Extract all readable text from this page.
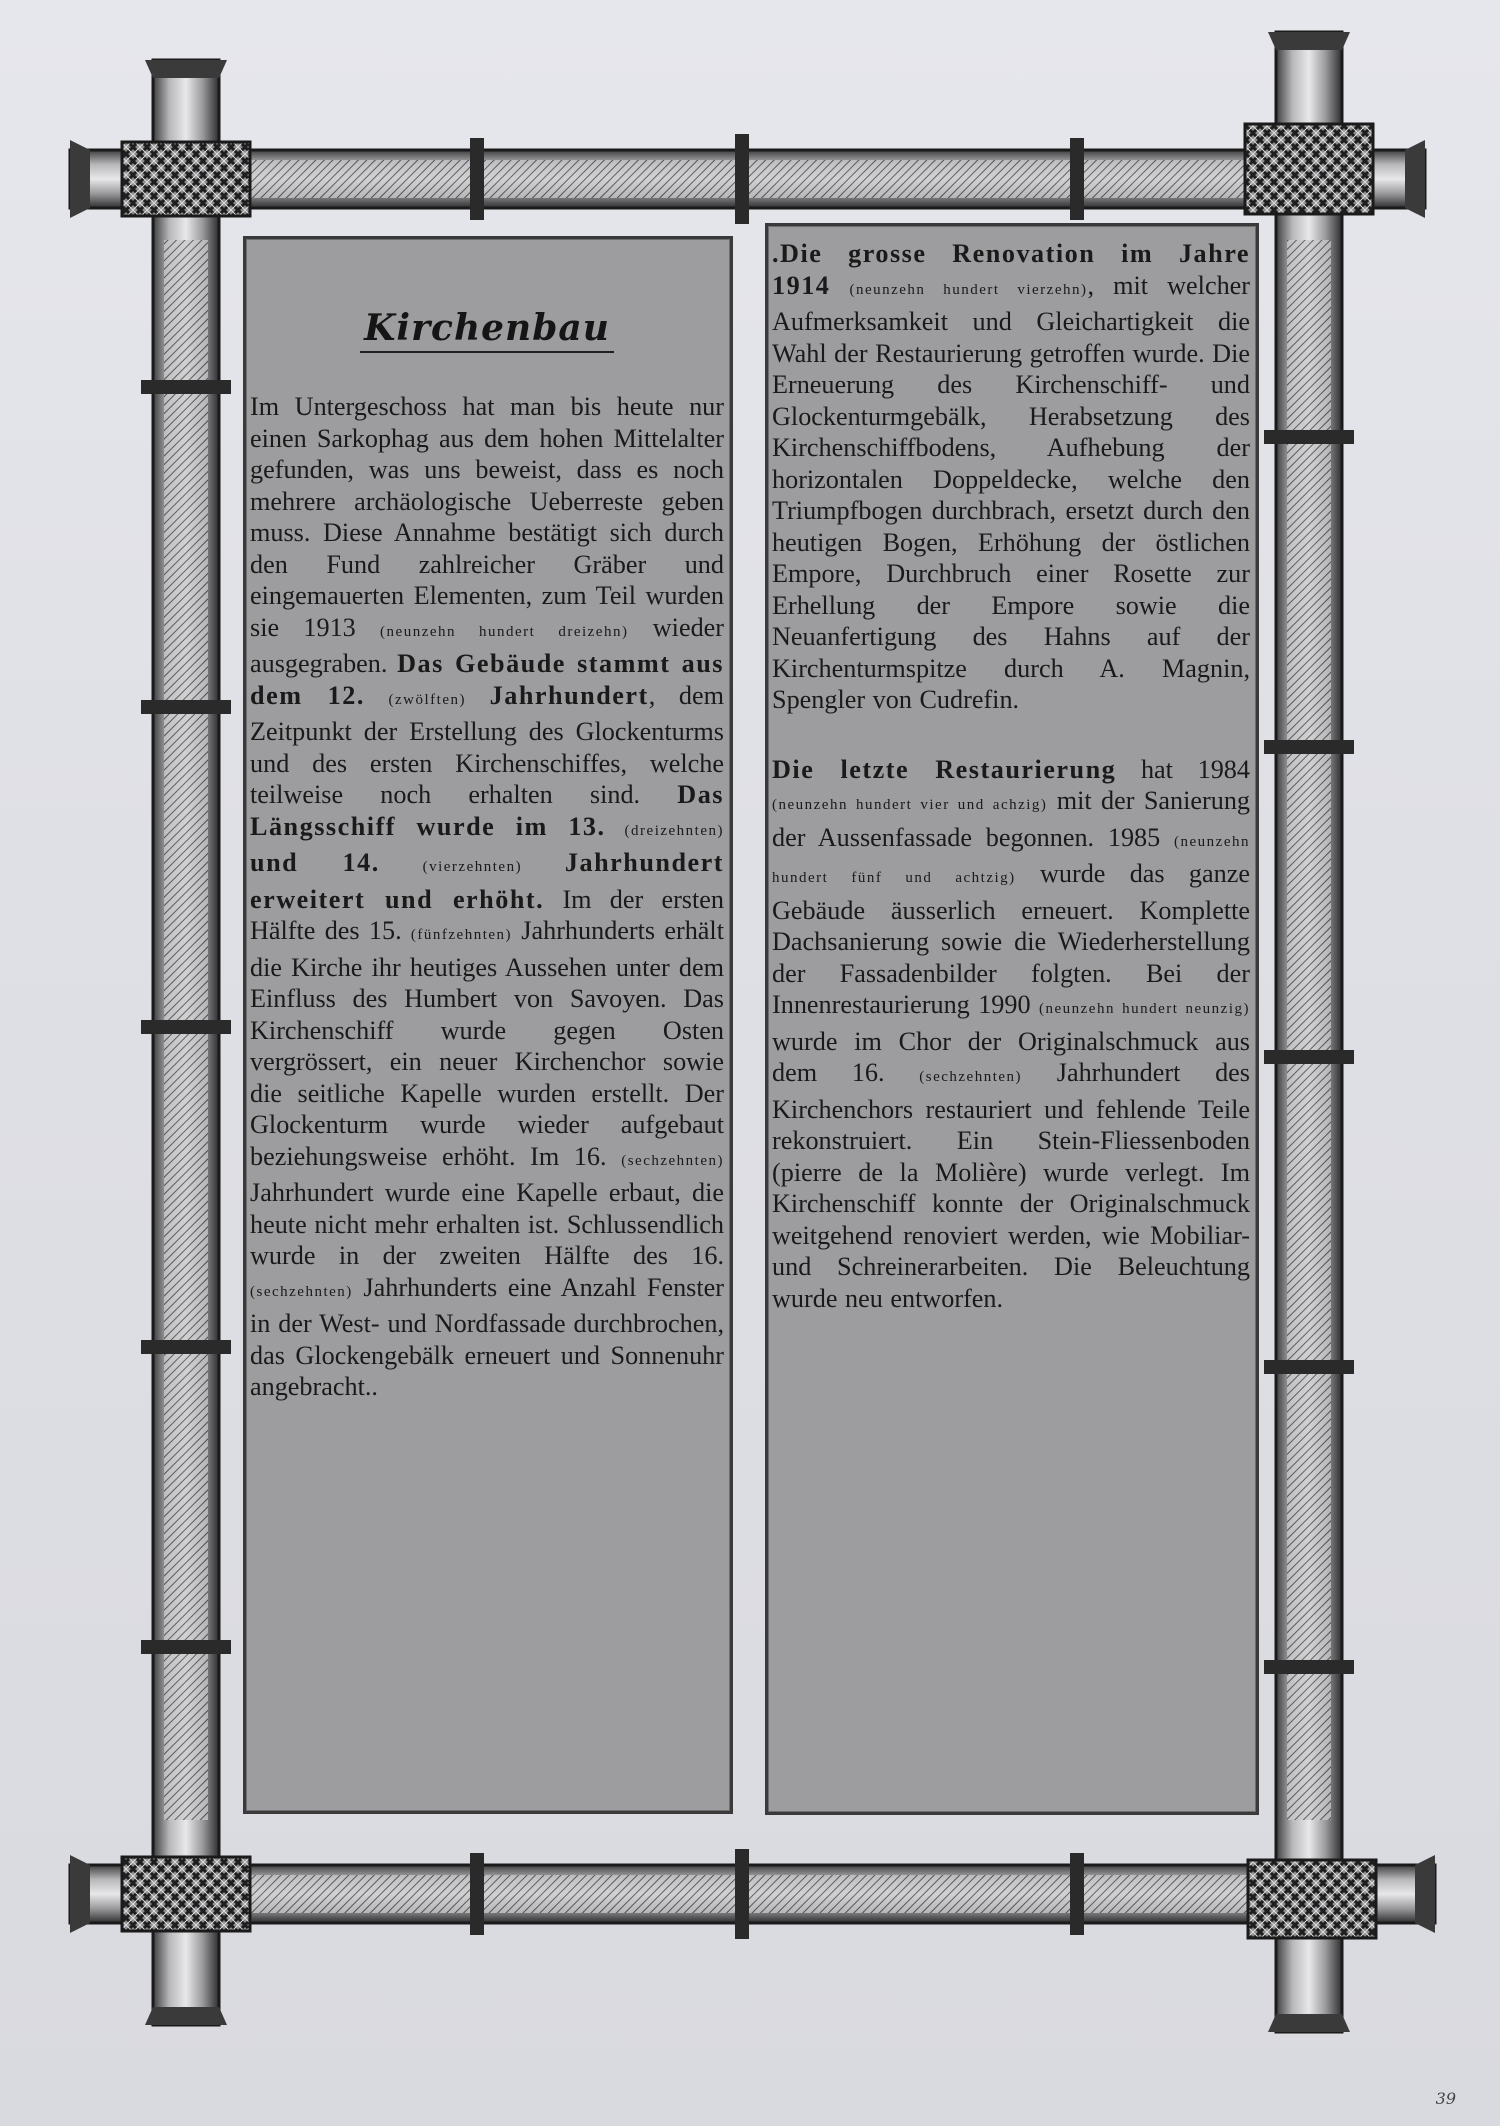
Kirchenbau

Im Untergeschoss hat man bis heute nur einen Sarkophag aus dem hohen Mittelalter gefunden, was uns beweist, dass es noch mehrere archäologische Ueberreste geben muss. Diese Annahme bestätigt sich durch den Fund zahlreicher Gräber und eingemauerten Elementen, zum Teil wurden sie 1913 (neunzehn hundert dreizehn) wieder ausgegraben. Das Gebäude stammt aus dem 12. (zwölften) Jahrhundert, dem Zeitpunkt der Erstellung des Glockenturms und des ersten Kirchenschiffes, welche teilweise noch erhalten sind. Das Längsschiff wurde im 13. (dreizehnten) und 14.	(vierzehnten) Jahrhundert erweitert und erhöht. Im der ersten Hälfte des 15. (fünfzehnten) Jahrhunderts erhält die Kirche ihr heutiges Aussehen unter dem Einfluss des Humbert von Savoyen. Das Kirchenschiff wurde gegen Osten vergrössert, ein neuer Kirchenchor sowie die seitliche Kapelle wurden erstellt. Der Glockenturm wurde wieder aufgebaut beziehungsweise erhöht. Im 16. (sechzehnten) Jahrhundert wurde eine Kapelle erbaut, die heute nicht mehr erhalten ist. Schlussendlich wurde in der zweiten Hälfte des 16. (sechzehnten) Jahrhunderts eine Anzahl Fenster in der West- und Nordfassade durchbrochen, das Glockengebälk erneuert und Sonnenuhr angebracht..

.Die grosse Renovation im Jahre 1914 (neunzehn hundert vierzehn), mit welcher Aufmerksamkeit und Gleichartigkeit die Wahl der Restaurierung getroffen wurde. Die Erneuerung des Kirchenschiff- und Glockenturmgebälk, Herabsetzung des Kirchenschiffbodens, Aufhebung der horizontalen Doppeldecke, welche den Triumpfbogen durchbrach, ersetzt durch den heutigen Bogen, Erhöhung der östlichen Empore, Durchbruch einer Rosette zur Erhellung der Empore sowie die Neuanfertigung des Hahns auf der Kirchenturmspitze durch A. Magnin, Spengler von Cudrefin.

Die letzte Restaurierung hat 1984 (neunzehn hundert vier und achzig) mit der Sanierung der Aussenfassade begonnen. 1985 (neunzehn hundert fünf und achtzig) wurde das ganze Gebäude äusserlich erneuert. Komplette Dachsanierung sowie die Wiederherstellung der Fassadenbilder folgten. Bei der Innenrestaurierung 1990 (neunzehn hundert neunzig) wurde im Chor der Originalschmuck aus dem 16. (sechzehnten) Jahrhundert des Kirchenchors restauriert und fehlende Teile rekonstruiert. Ein Stein-Fliessenboden (pierre de la Molière) wurde verlegt. Im Kirchenschiff konnte der Originalschmuck weitgehend renoviert werden, wie Mobiliar- und Schreinerarbeiten. Die Beleuchtung wurde neu entworfen.

39
